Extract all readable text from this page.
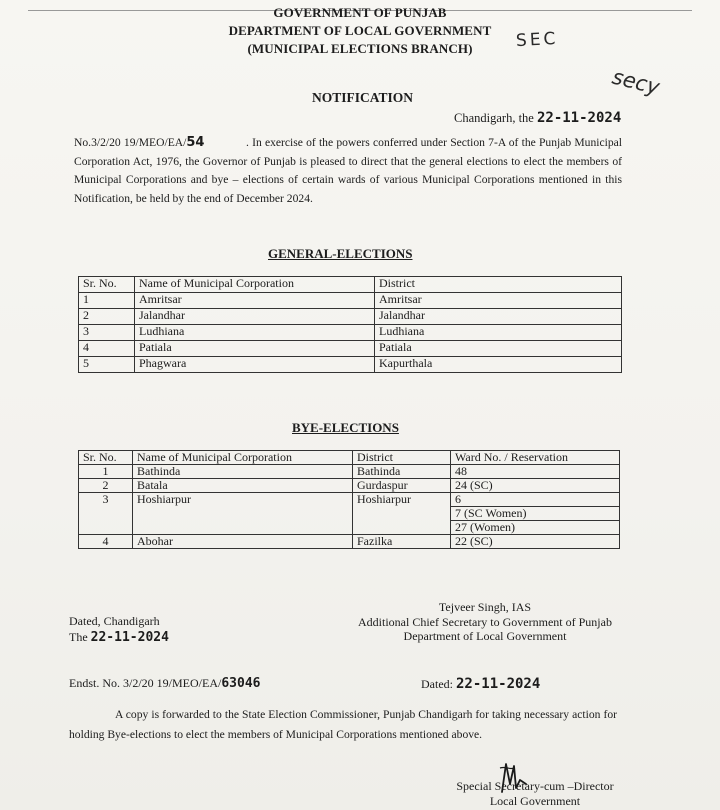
GOVERNMENT OF PUNJAB
DEPARTMENT OF LOCAL GOVERNMENT
(MUNICIPAL ELECTIONS BRANCH)	SEC
secy
NOTIFICATION
Chandigarh, the 22-11-2024
No.3/2/20 19/MEO/EA/54	. In exercise of the powers conferred under Section 7-A of the Punjab Municipal Corporation Act, 1976, the Governor of Punjab is pleased to direct that the general elections to elect the members of Municipal Corporations and bye – elections of certain wards of various Municipal Corporations mentioned in this Notification, be held by the end of December 2024.
GENERAL-ELECTIONS
Sr. No.	Name of Municipal Corporation	District
1	Amritsar	Amritsar
2	Jalandhar	Jalandhar
3	Ludhiana	Ludhiana
4	Patiala	Patiala
5	Phagwara	Kapurthala
BYE-ELECTIONS
Sr. No.	Name of Municipal Corporation	District	Ward No. / Reservation
1	Bathinda	Bathinda	48
2	Batala	Gurdaspur	24 (SC)
3	Hoshiarpur	Hoshiarpur	6
			7 (SC Women)
			27 (Women)
4	Abohar	Fazilka	22 (SC)
Tejveer Singh, IAS
Additional Chief Secretary to Government of Punjab
Department of Local Government
Dated, Chandigarh
The 22-11-2024
Endst. No. 3/2/20 19/MEO/EA/63046	Dated: 22-11-2024
A copy is forwarded to the State Election Commissioner, Punjab Chandigarh for taking necessary action for holding Bye-elections to elect the members of Municipal Corporations mentioned above.
Special Secretary-cum –Director
Local Government
